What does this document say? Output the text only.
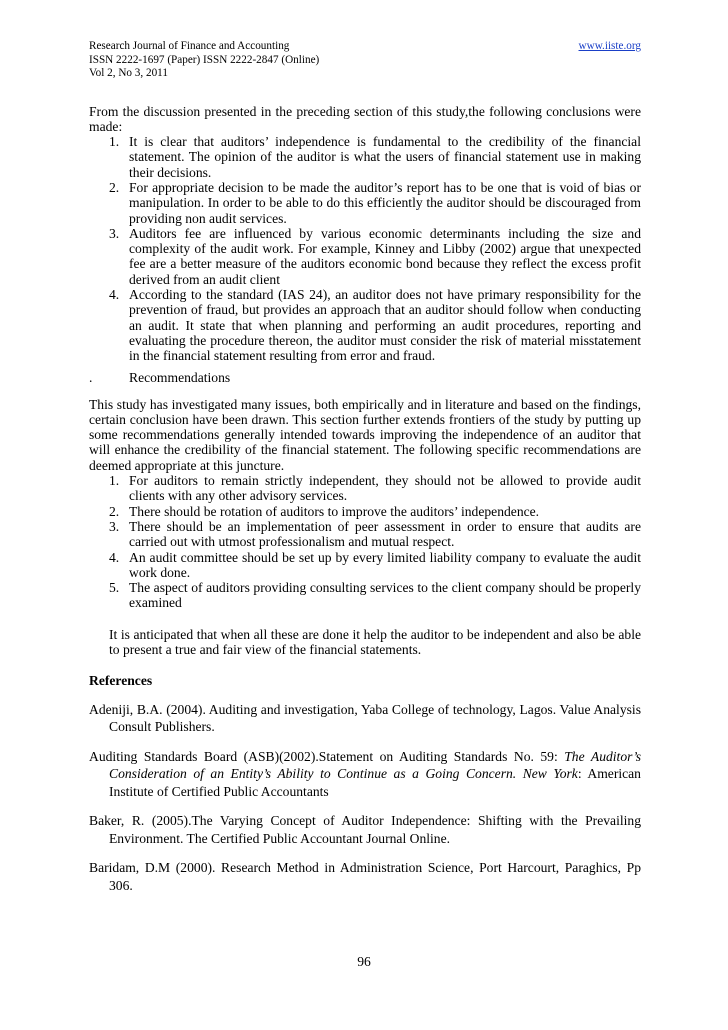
Research Journal of Finance and Accounting
ISSN 2222-1697 (Paper) ISSN 2222-2847 (Online)
Vol 2, No 3, 2011
www.iiste.org

From the discussion presented in the preceding section of this study,the following conclusions were made:

1. It is clear that auditors’ independence is fundamental to the credibility of the financial statement. The opinion of the auditor is what the users of financial statement use in making their decisions.
2. For appropriate decision to be made the auditor’s report has to be one that is void of bias or manipulation. In order to be able to do this efficiently the auditor should be discouraged from providing non audit services.
3. Auditors fee are influenced by various economic determinants including the size and complexity of the audit work. For example, Kinney and Libby (2002) argue that unexpected fee are a better measure of the auditors economic bond because they reflect the excess profit derived from an audit client
4. According to the standard (IAS 24), an auditor does not have primary responsibility for the prevention of fraud, but provides an approach that an auditor should follow when conducting an audit. It state that when planning and performing an audit procedures, reporting and evaluating the procedure thereon, the auditor must consider the risk of material misstatement in the financial statement resulting from error and fraud.
.	Recommendations

This study has investigated many issues, both empirically and in literature and based on the findings, certain conclusion have been drawn. This section further extends frontiers of the study by putting up some recommendations generally intended towards improving the independence of an auditor that will enhance the credibility of the financial statement. The following specific recommendations are deemed appropriate at this juncture.

1. For auditors to remain strictly independent, they should not be allowed to provide audit clients with any other advisory services.
2. There should be rotation of auditors to improve the auditors’ independence.
3. There should be an implementation of peer assessment in order to ensure that audits are carried out with utmost professionalism and mutual respect.
4. An audit committee should be set up by every limited liability company to evaluate the audit work done.
5. The aspect of auditors providing consulting services to the client company should be properly examined

It is anticipated that when all these are done it help the auditor to be independent and also be able to present a true and fair view of the financial statements.

References

Adeniji, B.A. (2004). Auditing and investigation, Yaba College of technology, Lagos. Value Analysis Consult Publishers.

Auditing Standards Board (ASB)(2002).Statement on Auditing Standards No. 59: The Auditor’s Consideration of an Entity’s Ability to Continue as a Going Concern. New York: American Institute of Certified Public Accountants

Baker, R. (2005).The Varying Concept of Auditor Independence: Shifting with the Prevailing Environment. The Certified Public Accountant Journal Online.

Baridam, D.M (2000). Research Method in Administration Science, Port Harcourt, Paraghics, Pp 306.

96
